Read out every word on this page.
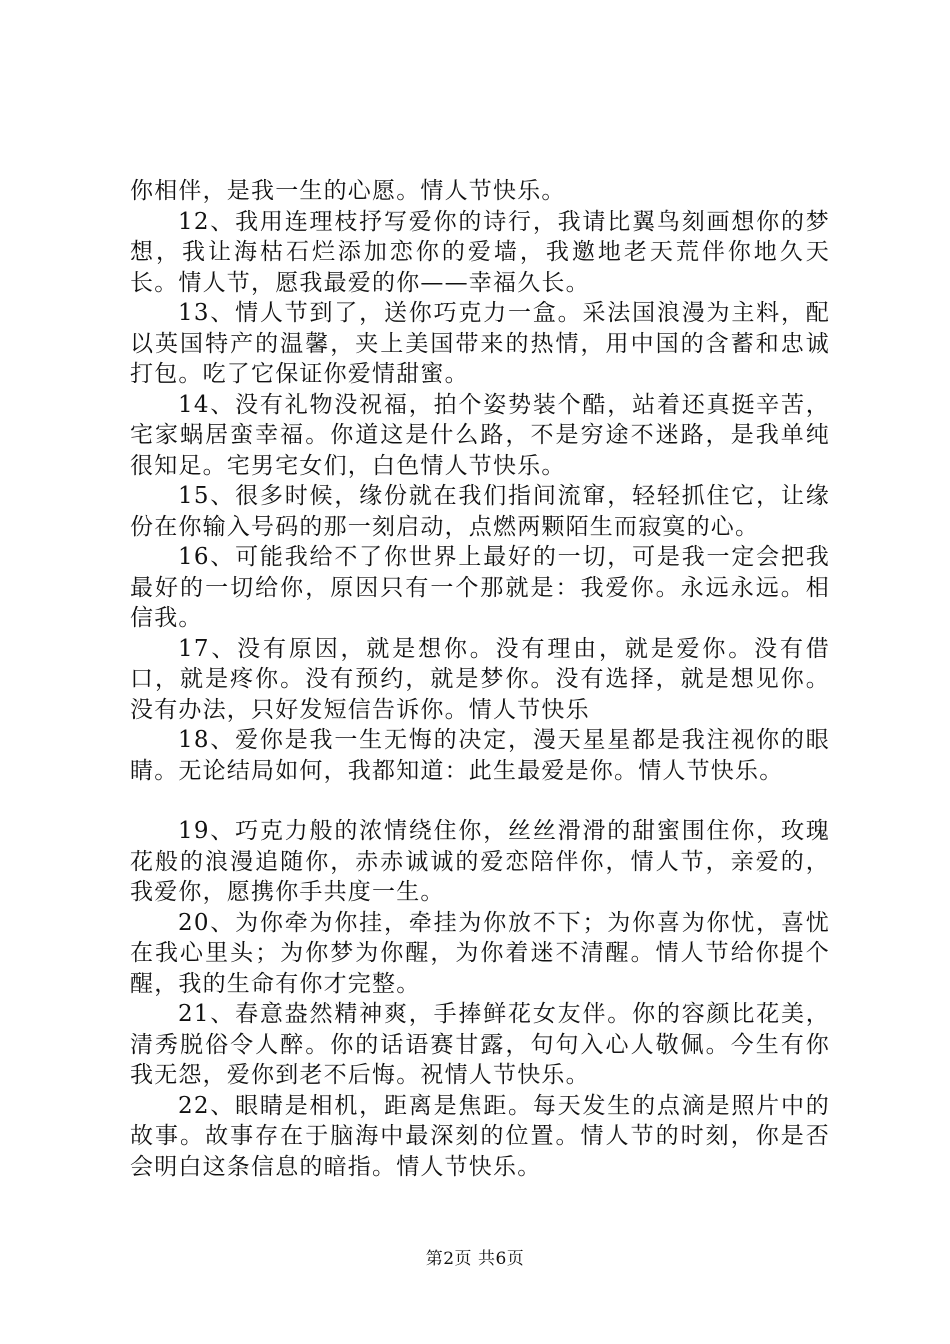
你相伴，是我一生的心愿。情人节快乐。

12、我用连理枝抒写爱你的诗行，我请比翼鸟刻画想你的梦想，我让海枯石烂添加恋你的爱墙，我邀地老天荒伴你地久天长。情人节，愿我最爱的你——幸福久长。

13、情人节到了，送你巧克力一盒。采法国浪漫为主料，配以英国特产的温馨，夹上美国带来的热情，用中国的含蓄和忠诚打包。吃了它保证你爱情甜蜜。

14、没有礼物没祝福，拍个姿势装个酷，站着还真挺辛苦，宅家蜗居蛮幸福。你道这是什么路，不是穷途不迷路，是我单纯很知足。宅男宅女们，白色情人节快乐。

15、很多时候，缘份就在我们指间流窜，轻轻抓住它，让缘份在你输入号码的那一刻启动，点燃两颗陌生而寂寞的心。

16、可能我给不了你世界上最好的一切，可是我一定会把我最好的一切给你，原因只有一个那就是：我爱你。永远永远。相信我。

17、没有原因，就是想你。没有理由，就是爱你。没有借口，就是疼你。没有预约，就是梦你。没有选择，就是想见你。没有办法，只好发短信告诉你。情人节快乐

18、爱你是我一生无悔的决定，漫天星星都是我注视你的眼睛。无论结局如何，我都知道：此生最爱是你。情人节快乐。

19、巧克力般的浓情绕住你，丝丝滑滑的甜蜜围住你，玫瑰花般的浪漫追随你，赤赤诚诚的爱恋陪伴你，情人节，亲爱的，我爱你，愿携你手共度一生。

20、为你牵为你挂，牵挂为你放不下；为你喜为你忧，喜忧在我心里头；为你梦为你醒，为你着迷不清醒。情人节给你提个醒，我的生命有你才完整。

21、春意盎然精神爽，手捧鲜花女友伴。你的容颜比花美，清秀脱俗令人醉。你的话语赛甘露，句句入心人敬佩。今生有你我无怨，爱你到老不后悔。祝情人节快乐。

22、眼睛是相机，距离是焦距。每天发生的点滴是照片中的故事。故事存在于脑海中最深刻的位置。情人节的时刻，你是否会明白这条信息的暗指。情人节快乐。

第2页 共6页
